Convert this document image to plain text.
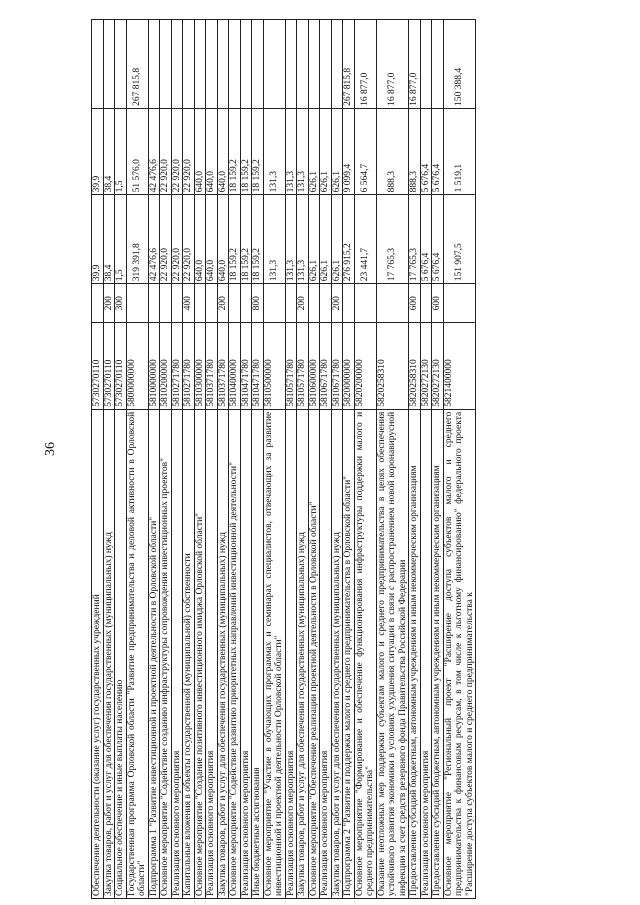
36
Обеспечение деятельности (оказание услуг) государственных учреждений	5730270110		39,9	39,9	
Закупка товаров, работ и услуг для обеспечения государственных (муниципальных) нужд	5730270110	200	38,4	38,4	
Социальное обеспечение и иные выплаты населению	5730270110	300	1,5	1,5	
Государственная программа Орловской области "Развитие предпринимательства и деловой активности в Орловской области"	5800000000		319 391,8	51 576,0	267 815,8
Подпрограмма 1 "Развитие инвестиционной и проектной деятельности в Орловской области"	5810000000		42 476,6	42 476,6	
Основное мероприятие "Содействие созданию инфраструктуры сопровождения инвестиционных проектов"	5810200000		22 920,0	22 920,0	
Реализация основного мероприятия	5810271780		22 920,0	22 920,0	
Капитальные вложения в объекты государственной (муниципальной) собственности	5810271780	400	22 920,0	22 920,0	
Основное мероприятие "Создание позитивного инвестиционного имиджа Орловской области"	5810300000		640,0	640,0	
Реализация основного мероприятия	5810371780		640,0	640,0	
Закупка товаров, работ и услуг для обеспечения государственных (муниципальных) нужд	5810371780	200	640,0	640,0	
Основное мероприятие "Содействие развитию приоритетных направлений инвестиционной деятельности"	5810400000		18 159,2	18 159,2	
Реализация основного мероприятия	5810471780		18 159,2	18 159,2	
Иные бюджетные ассигнования	5810471780	800	18 159,2	18 159,2	
Основное мероприятие "Участие в обучающих программах и семинарах специалистов, отвечающих за развитие инвестиционной и проектной деятельности Орловской области"	5810500000		131,3	131,3	
Реализация основного мероприятия	5810571780		131,3	131,3	
Закупка товаров, работ и услуг для обеспечения государственных (муниципальных) нужд	5810571780	200	131,3	131,3	
Основное мероприятие "Обеспечение реализации проектной деятельности в Орловской области"	5810600000		626,1	626,1	
Реализация основного мероприятия	5810671780		626,1	626,1	
Закупка товаров, работ и услуг для обеспечения государственных (муниципальных) нужд	5810671780	200	626,1	626,1	
Подпрограмма 2 "Развитие и поддержка малого и среднего предпринимательства в Орловской области"	5820000000		276 915,2	9 099,4	267 815,8
Основное мероприятие "Формирование и обеспечение функционирования инфраструктуры поддержки малого и среднего предпринимательства"	5820200000		23 441,7	6 564,7	16 877,0
Оказание неотложных мер поддержки субъектам малого и среднего предпринимательства в целях обеспечения устойчивого развития экономики в условиях ухудшения ситуации в связи с распространением новой коронавирусной инфекции за счет средств резервного фонда Правительства Российской Федерации	5820258310		17 765,3	888,3	16 877,0
Предоставление субсидий бюджетным, автономным учреждениям и иным некоммерческим организациям	5820258310	600	17 765,3	888,3	16 877,0
Реализация основного мероприятия	5820272130		5 676,4	5 676,4	
Предоставление субсидий бюджетным, автономным учреждениям и иным некоммерческим организациям	5820272130	600	5 676,4	5 676,4	
Основное мероприятие "Региональный проект "Расширение доступа субъектов малого и среднего предпринимательства к финансовым ресурсам, в том числе к льготному финансированию" федерального проекта "Расширение доступа субъектов малого и среднего предпринимательства к	5821400000		151 907,5	1 519,1	150 388,4
